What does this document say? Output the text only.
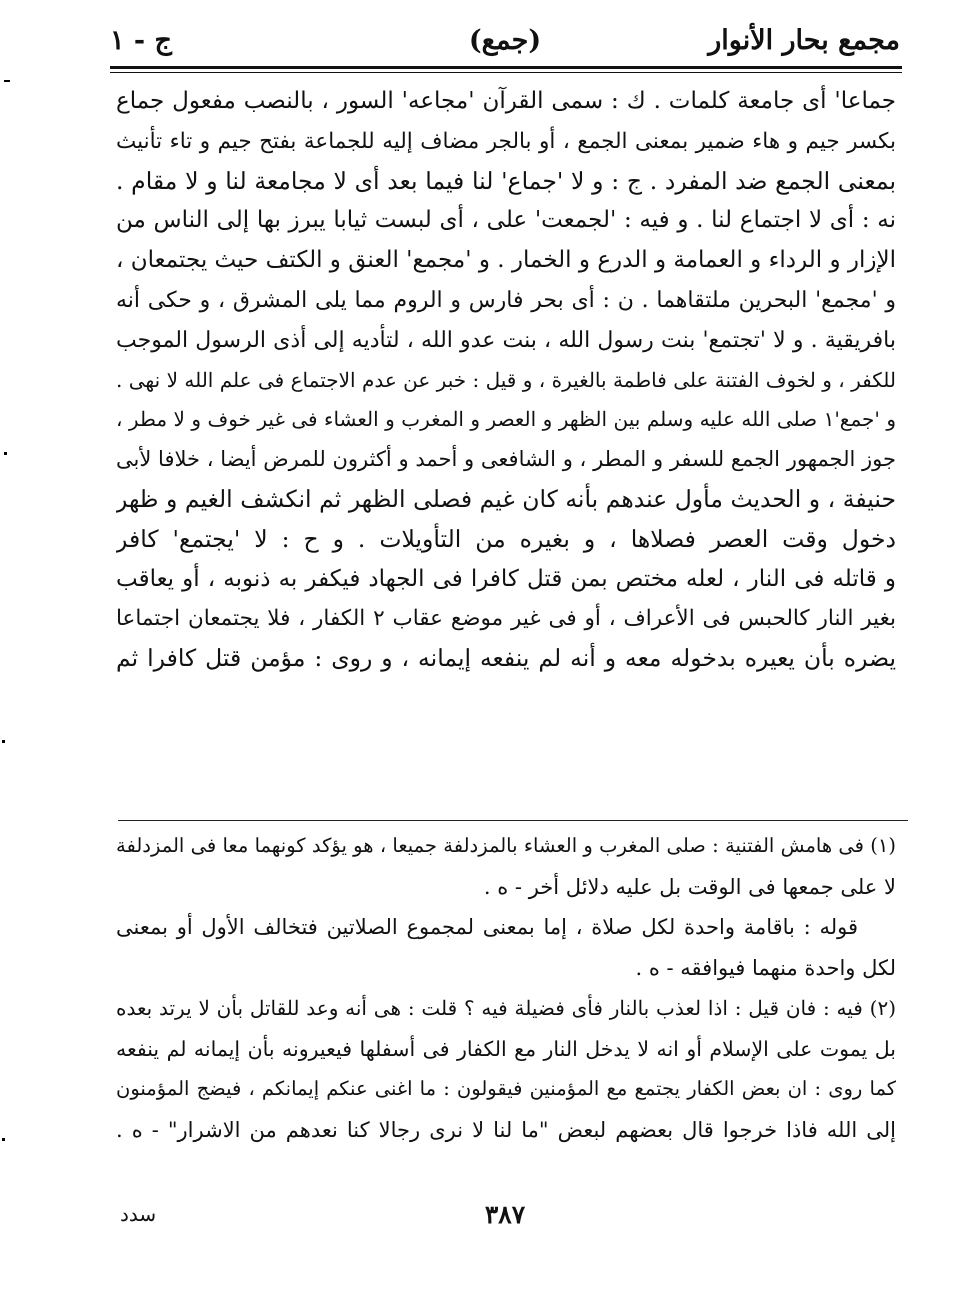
مجمع بحار الأنوار
(جمع)
ج - ١
جماعا' أى جامعة كلمات . ك : سمى القرآن 'مجاعه' السور ، بالنصب مفعول جماع
بكسر جيم و هاء ضمير بمعنى الجمع ، أو بالجر مضاف إليه للجماعة بفتح جيم و تاء تأنيث
بمعنى الجمع ضد المفرد . ج : و لا 'جماع' لنا فيما بعد أى لا مجامعة لنا و لا مقام .
نه : أى لا اجتماع لنا . و فيه : 'لجمعت' على ، أى لبست ثيابا يبرز بها إلى الناس من
الإزار و الرداء و العمامة و الدرع و الخمار . و 'مجمع' العنق و الكتف حيث يجتمعان ،
و 'مجمع' البحرين ملتقاهما . ن : أى بحر فارس و الروم مما يلى المشرق ، و حكى أنه
بافريقية . و لا 'تجتمع' بنت رسول الله ، بنت عدو الله ، لتأديه إلى أذى الرسول الموجب
للكفر ، و لخوف الفتنة على فاطمة بالغيرة ، و قيل : خبر عن عدم الاجتماع فى علم الله لا نهى .
و 'جمع'١ صلى الله عليه وسلم بين الظهر و العصر و المغرب و العشاء فى غير خوف و لا مطر ،
جوز الجمهور الجمع للسفر و المطر ، و الشافعى و أحمد و أكثرون للمرض أيضا ، خلافا لأبى
حنيفة ، و الحديث مأول عندهم بأنه كان غيم فصلى الظهر ثم انكشف الغيم و ظهر
دخول وقت العصر فصلاها ، و بغيره من التأويلات . و ح : لا 'يجتمع' كافر
و قاتله فى النار ، لعله مختص بمن قتل كافرا فى الجهاد فيكفر به ذنوبه ، أو يعاقب
بغير النار كالحبس فى الأعراف ، أو فى غير موضع عقاب ٢ الكفار ، فلا يجتمعان اجتماعا
يضره بأن يعيره بدخوله معه و أنه لم ينفعه إيمانه ، و روى : مؤمن قتل كافرا ثم
(١) فى هامش الفتنية : صلى المغرب و العشاء بالمزدلفة جميعا ، هو يؤكد كونهما معا فى المزدلفة
لا على جمعها فى الوقت بل عليه دلائل أخر - ه .
قوله : باقامة واحدة لكل صلاة ، إما بمعنى لمجموع الصلاتين فتخالف الأول أو بمعنى
لكل واحدة منهما فيوافقه - ه .
(٢) فيه : فان قيل : اذا لعذب بالنار فأى فضيلة فيه ؟ قلت : هى أنه وعد للقاتل بأن لا يرتد بعده
بل يموت على الإسلام أو انه لا يدخل النار مع الكفار فى أسفلها فيعيرونه بأن إيمانه لم ينفعه
كما روى : ان بعض الكفار يجتمع مع المؤمنين فيقولون : ما اغنى عنكم إيمانكم ، فيضج المؤمنون
إلى الله فاذا خرجوا قال بعضهم لبعض "ما لنا لا نرى رجالا كنا نعدهم من الاشرار" - ه .
٣٨٧
سدد
